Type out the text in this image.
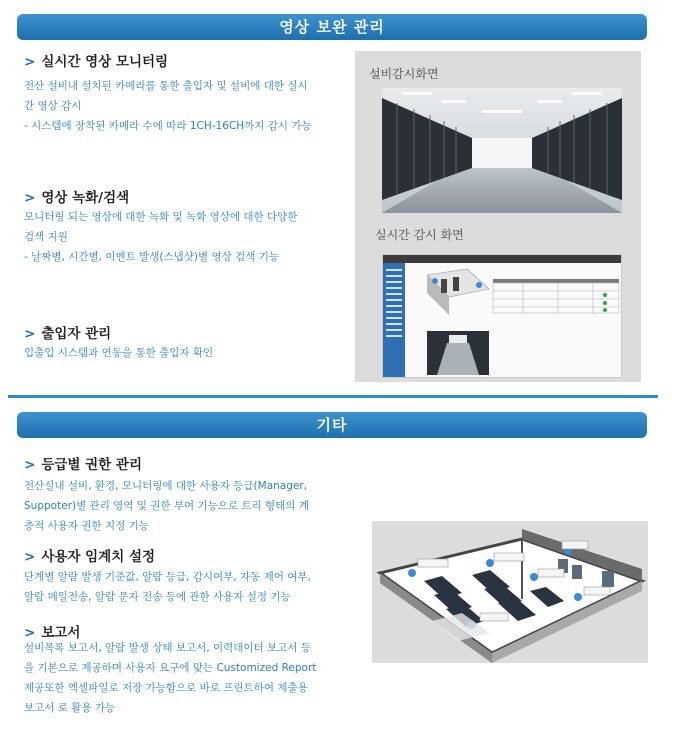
영상 보완 관리
> 실시간 영상 모니터링

전산 설비내 설치된 카메라를 통한 출입자 및 설비에 대한 실시

간 영상 감시

- 시스템에 장착된 카메라 수에 따라 1CH-16CH까지 감시 가능

> 영상 녹화/검색

모니터링 되는 영상에 대한 녹화 및 녹화 영상에 대한 다양한

검색 지원

- 날짜별, 시간별, 이벤트 발생(스냅샷)별 영상 검색 기능

> 출입자 관리

입출입 시스템과 연동을 통한 출입자 확인

설비감시화면
실시간 감시 화면
기타
> 등급별 권한 관리

전산실내 설비, 환경, 모니터링에 대한 사용자 등급(Manager,

Suppoter)별 관리 영역 및 권한 부여 기능으로 트리 형태의 계

층적 사용자 권한 지정 기능

> 사용자 임계치 설정

단계별 알람 발생 기준값, 알람 등급, 감시여부, 자동 제어 여부,

알람 메일전송, 알람 문자 전송 등에 관한 사용자 설정 기능

> 보고서

설비목록 보고서, 알람 발생 상태 보고서, 이력데이터 보고서 등

을 기본으로 제공하며 사용자 요구에 맞는 Customized Report

제공또한 엑셀파일로 저장 가능함으로 바로 프린트하여 제출용

보고서 로 활용 가능
